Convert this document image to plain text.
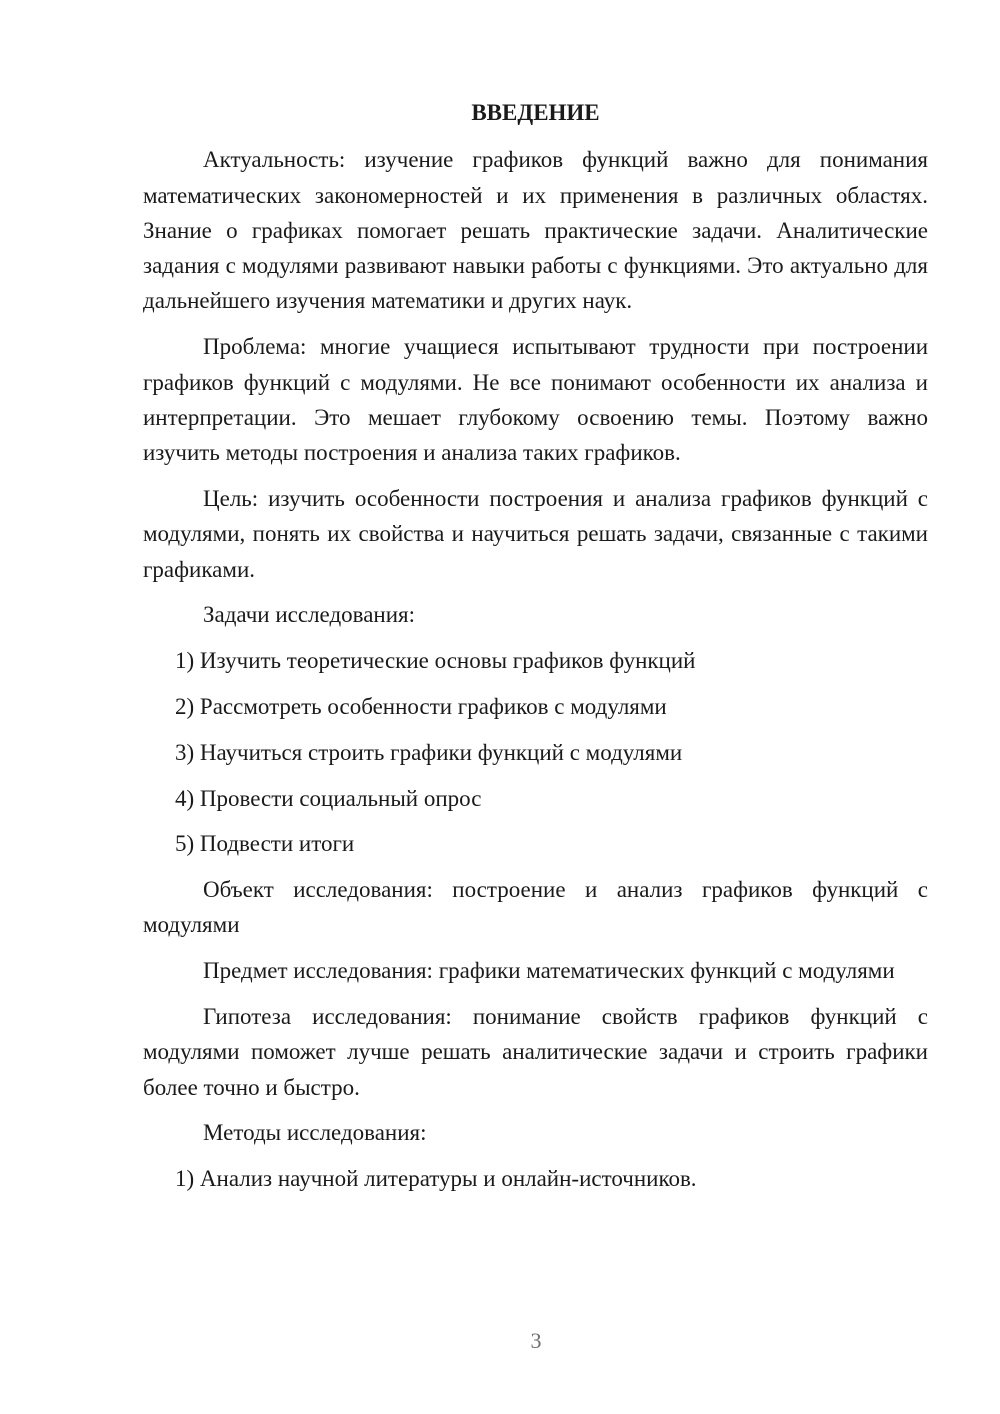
ВВЕДЕНИЕ
Актуальность: изучение графиков функций важно для понимания математических закономерностей и их применения в различных областях. Знание о графиках помогает решать практические задачи. Аналитические задания с модулями развивают навыки работы с функциями. Это актуально для дальнейшего изучения математики и других наук.
Проблема: многие учащиеся испытывают трудности при построении графиков функций с модулями. Не все понимают особенности их анализа и интерпретации. Это мешает глубокому освоению темы. Поэтому важно изучить методы построения и анализа таких графиков.
Цель: изучить особенности построения и анализа графиков функций с модулями, понять их свойства и научиться решать задачи, связанные с такими графиками.
Задачи исследования:
1) Изучить теоретические основы графиков функций
2) Рассмотреть особенности графиков с модулями
3) Научиться строить графики функций с модулями
4) Провести социальный опрос
5) Подвести итоги
Объект исследования: построение и анализ графиков функций с модулями
Предмет исследования: графики математических функций с модулями
Гипотеза исследования: понимание свойств графиков функций с модулями поможет лучше решать аналитические задачи и строить графики более точно и быстро.
Методы исследования:
1) Анализ научной литературы и онлайн-источников.
3
